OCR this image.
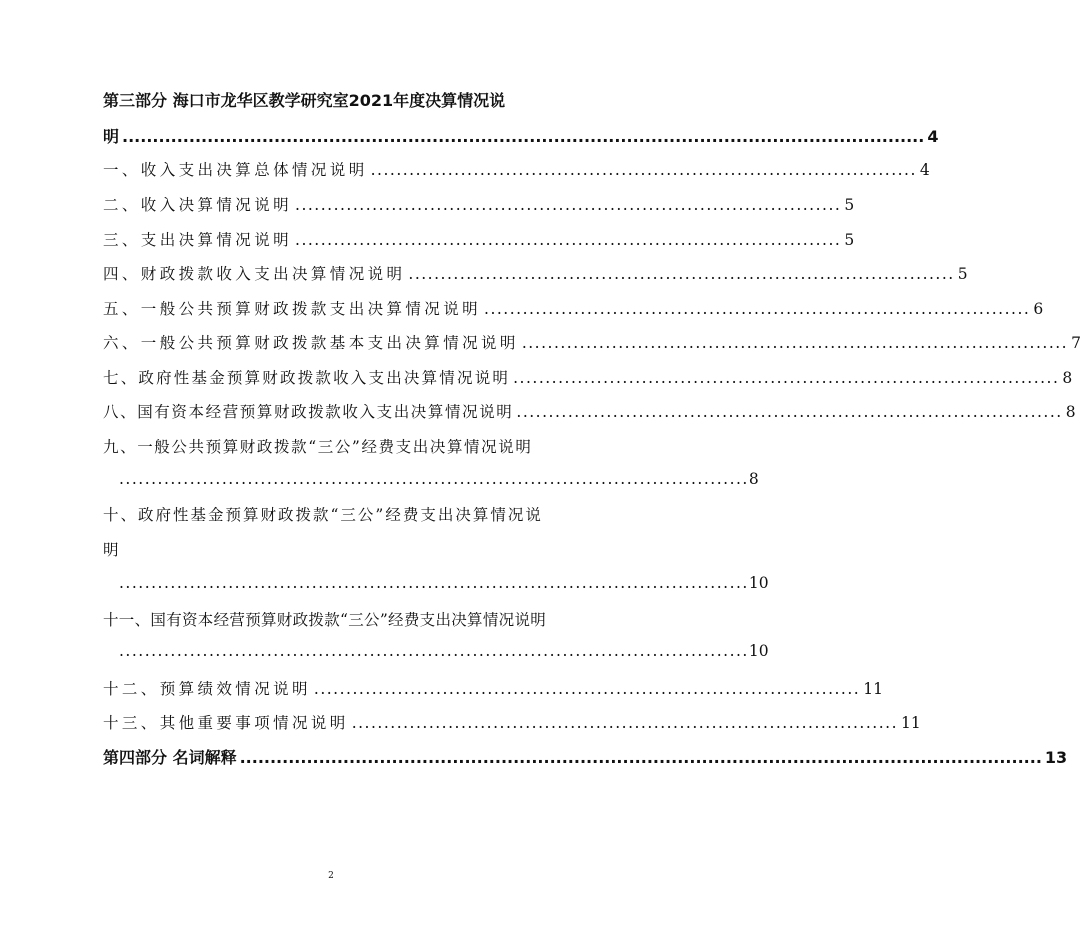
第三部分 海口市龙华区教学研究室2021年度决算情况说
明 .................................................................................................................................... 4
一、收入支出决算总体情况说明 ..................................................................................... 4
二、收入决算情况说明 ..................................................................................... 5
三、支出决算情况说明 ..................................................................................... 5
四、财政拨款收入支出决算情况说明 ..................................................................................... 5
五、一般公共预算财政拨款支出决算情况说明 ..................................................................................... 6
六、一般公共预算财政拨款基本支出决算情况说明 ..................................................................................... 7
七、政府性基金预算财政拨款收入支出决算情况说明 ..................................................................................... 8
八、国有资本经营预算财政拨款收入支出决算情况说明 ..................................................................................... 8
九、一般公共预算财政拨款“三公”经费支出决算情况说明
.................................................................................................. 8
十、政府性基金预算财政拨款“三公”经费支出决算情况说
明
.................................................................................................. 10
十一、国有资本经营预算财政拨款“三公”经费支出决算情况说明
.................................................................................................. 10
十二、预算绩效情况说明 ..................................................................................... 11
十三、其他重要事项情况说明 ..................................................................................... 11
第四部分 名词解释 .................................................................................................................................... 13
2
